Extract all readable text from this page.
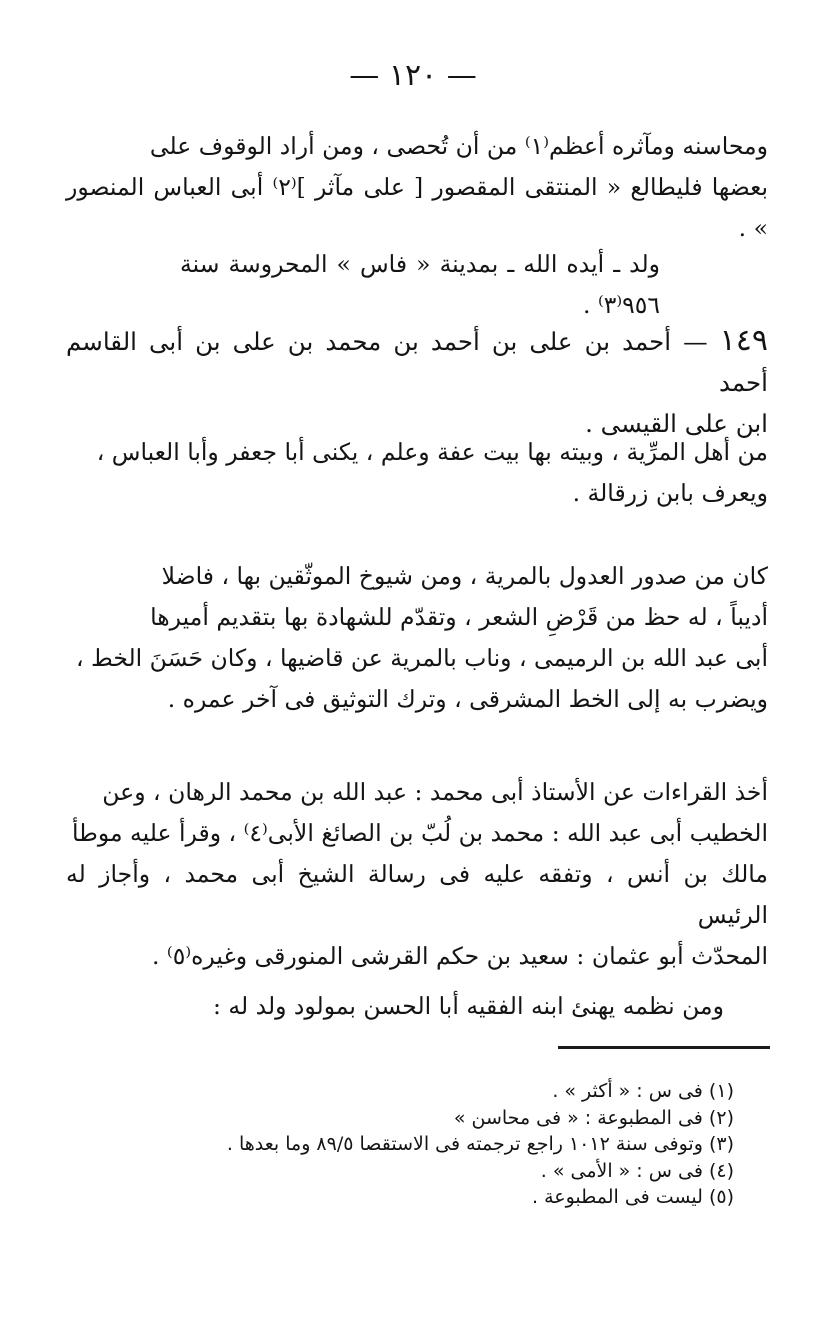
— ١٢٠ —

ومحاسنه ومآثره أعظم⁽١⁾ من أن تُحصى ، ومن أراد الوقوف على
بعضها فليطالع « المنتقى المقصور [ على مآثر ]⁽٢⁾ أبى العباس المنصور » .

ولد ـ أيده الله ـ بمدينة « فاس » المحروسة سنة ٩٥٦⁽٣⁾ .

١٤٩ — أحمد بن على بن أحمد بن محمد بن على بن أبى القاسم أحمد
ابن على القيسى .

من أهل المرِّية ، وبيته بها بيت عفة وعلم ، يكنى أبا جعفر وأبا العباس ،
ويعرف بابن زرقالة .

كان من صدور العدول بالمرية ، ومن شيوخ الموثّقين بها ، فاضلا
أديباً ، له حظ من قَرْضِ الشعر ، وتقدّم للشهادة بها بتقديم أميرها
أبى عبد الله بن الرميمى ، وناب بالمرية عن قاضيها ، وكان حَسَنَ الخط ،
ويضرب به إلى الخط المشرقى ، وترك التوثيق فى آخر عمره .

أخذ القراءات عن الأستاذ أبى محمد : عبد الله بن محمد الرهان ، وعن
الخطيب أبى عبد الله : محمد بن لُبّ بن الصائغ الأبى⁽٤⁾ ، وقرأ عليه موطأ
مالك بن أنس ، وتفقه عليه فى رسالة الشيخ أبى محمد ، وأجاز له الرئيس
المحدّث أبو عثمان : سعيد بن حكم القرشى المنورقى وغيره⁽٥⁾ .

ومن نظمه يهنئ ابنه الفقيه أبا الحسن بمولود ولد له :

(١) فى س : « أكثر » .
(٢) فى المطبوعة : « فى محاسن »
(٣) وتوفى سنة ١٠١٢ راجع ترجمته فى الاستقصا ٨٩/٥ وما بعدها .
(٤) فى س : « الأمى » .
(٥) ليست فى المطبوعة .
